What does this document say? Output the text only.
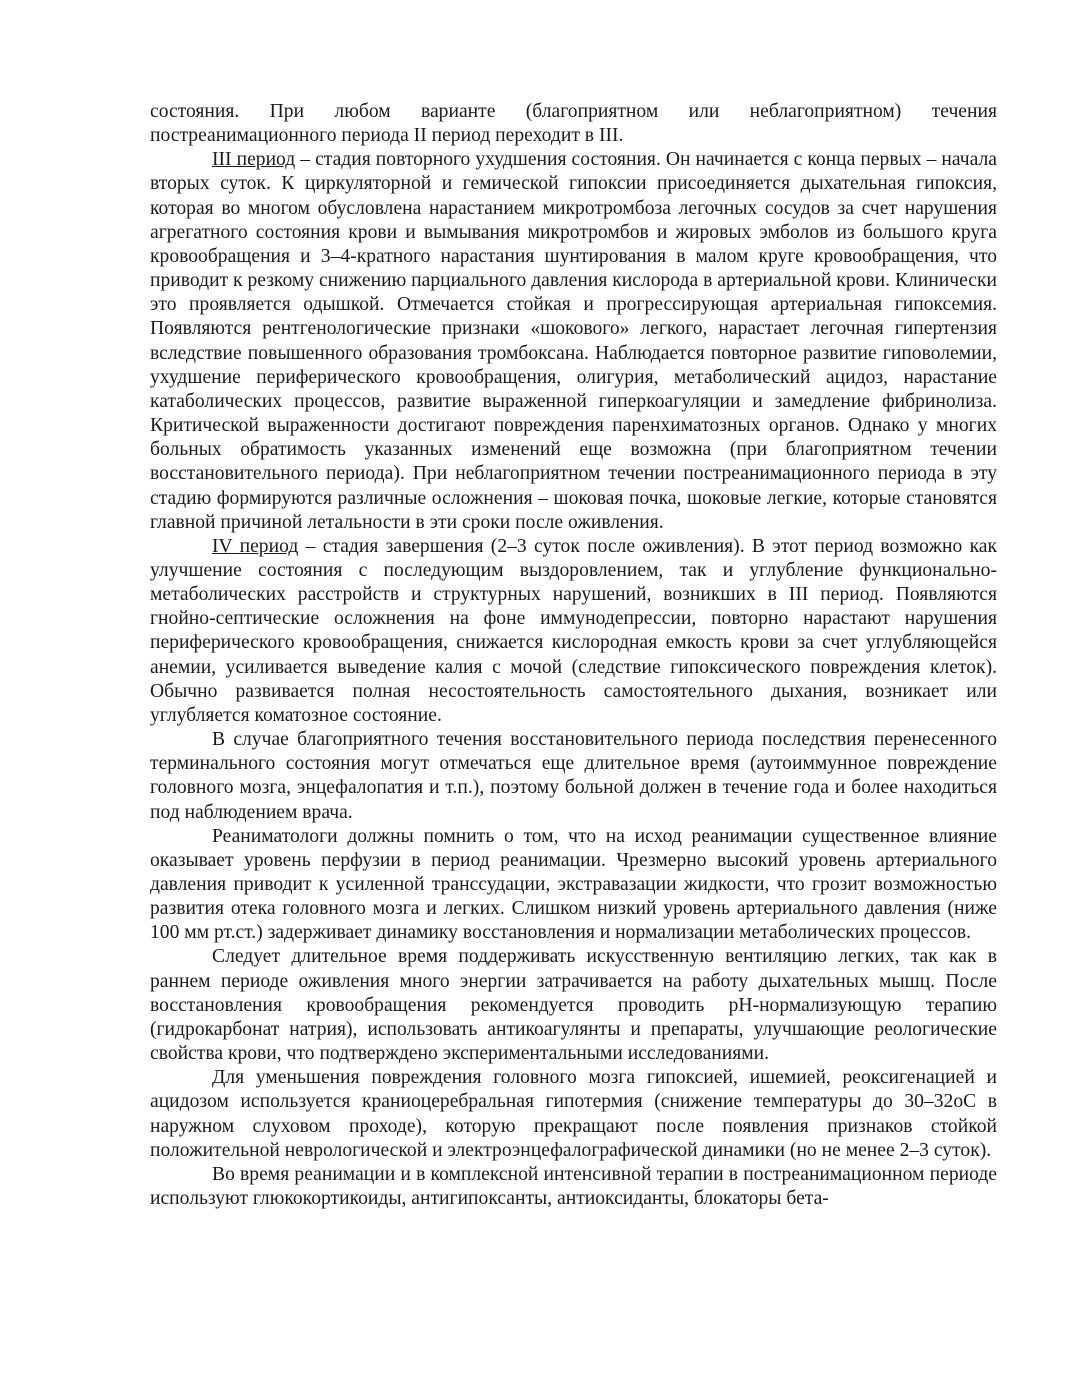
состояния. При любом варианте (благоприятном или неблагоприятном) течения постреанимационного периода II период переходит в III.

III период – стадия повторного ухудшения состояния. Он начинается с конца первых – начала вторых суток. К циркуляторной и гемической гипоксии присоединяется дыхательная гипоксия, которая во многом обусловлена нарастанием микротромбоза легочных сосудов за счет нарушения агрегатного состояния крови и вымывания микротромбов и жировых эмболов из большого круга кровообращения и 3–4-кратного нарастания шунтирования в малом круге кровообращения, что приводит к резкому снижению парциального давления кислорода в артериальной крови. Клинически это проявляется одышкой. Отмечается стойкая и прогрессирующая артериальная гипоксемия. Появляются рентгенологические признаки «шокового» легкого, нарастает легочная гипертензия вследствие повышенного образования тромбоксана. Наблюдается повторное развитие гиповолемии, ухудшение периферического кровообращения, олигурия, метаболический ацидоз, нарастание катаболических процессов, развитие выраженной гиперкоагуляции и замедление фибринолиза. Критической выраженности достигают повреждения паренхиматозных органов. Однако у многих больных обратимость указанных изменений еще возможна (при благоприятном течении восстановительного периода). При неблагоприятном течении постреанимационного периода в эту стадию формируются различные осложнения – шоковая почка, шоковые легкие, которые становятся главной причиной летальности в эти сроки после оживления.

IV период – стадия завершения (2–3 суток после оживления). В этот период возможно как улучшение состояния с последующим выздоровлением, так и углубление функционально-метаболических расстройств и структурных нарушений, возникших в III период. Появляются гнойно-септические осложнения на фоне иммунодепрессии, повторно нарастают нарушения периферического кровообращения, снижается кислородная емкость крови за счет углубляющейся анемии, усиливается выведение калия с мочой (следствие гипоксического повреждения клеток). Обычно развивается полная несостоятельность самостоятельного дыхания, возникает или углубляется коматозное состояние.

В случае благоприятного течения восстановительного периода последствия перенесенного терминального состояния могут отмечаться еще длительное время (аутоиммунное повреждение головного мозга, энцефалопатия и т.п.), поэтому больной должен в течение года и более находиться под наблюдением врача.

Реаниматологи должны помнить о том, что на исход реанимации существенное влияние оказывает уровень перфузии в период реанимации. Чрезмерно высокий уровень артериального давления приводит к усиленной транссудации, экстравазации жидкости, что грозит возможностью развития отека головного мозга и легких. Слишком низкий уровень артериального давления (ниже 100 мм рт.ст.) задерживает динамику восстановления и нормализации метаболических процессов.

Следует длительное время поддерживать искусственную вентиляцию легких, так как в раннем периоде оживления много энергии затрачивается на работу дыхательных мышц. После восстановления кровообращения рекомендуется проводить pH-нормализующую терапию (гидрокарбонат натрия), использовать антикоагулянты и препараты, улучшающие реологические свойства крови, что подтверждено экспериментальными исследованиями.

Для уменьшения повреждения головного мозга гипоксией, ишемией, реоксигенацией и ацидозом используется краниоцеребральная гипотермия (снижение температуры до 30–32оС в наружном слуховом проходе), которую прекращают после появления признаков стойкой положительной неврологической и электроэнцефалографической динамики (но не менее 2–3 суток).

Во время реанимации и в комплексной интенсивной терапии в постреанимационном периоде используют глюкокортикоиды, антигипоксанты, антиоксиданты, блокаторы бета-
